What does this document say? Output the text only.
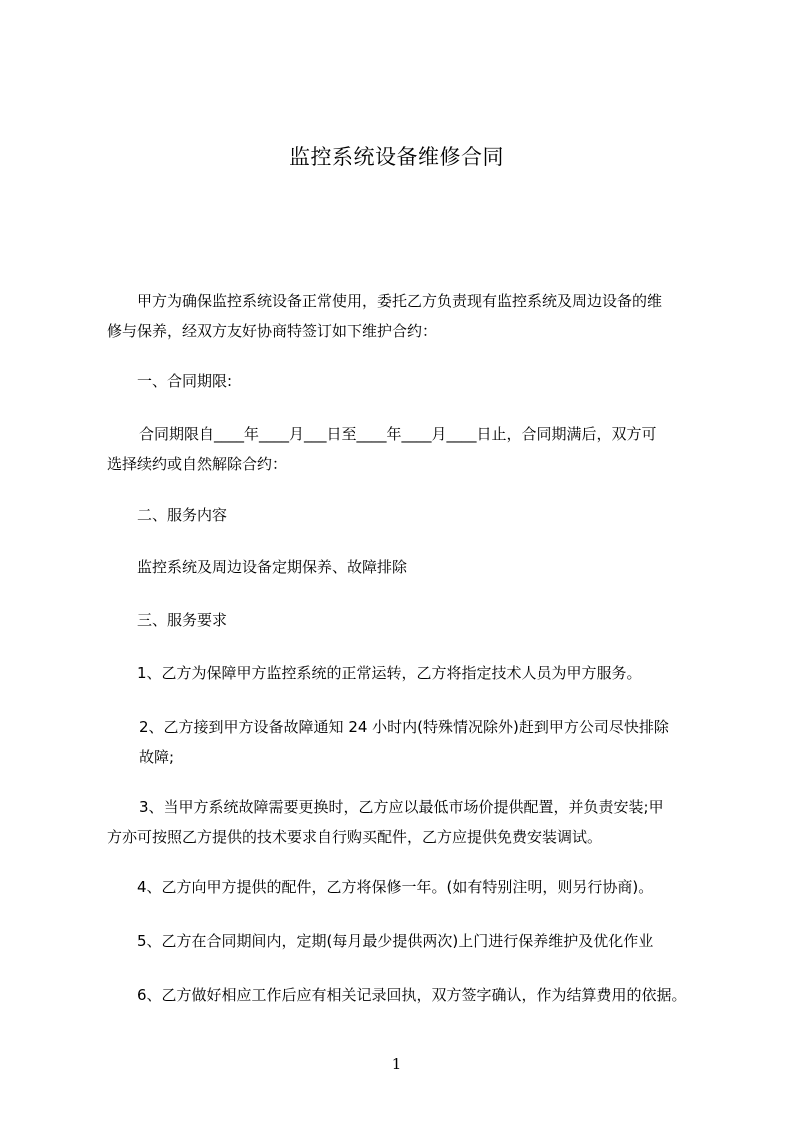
监控系统设备维修合同

甲方为确保监控系统设备正常使用，委托乙方负责现有监控系统及周边设备的维
修与保养，经双方友好协商特签订如下维护合约：

一、合同期限:

合同期限自____年____月___日至____年____月____日止，合同期满后，双方可
选择续约或自然解除合约：

二、服务内容

监控系统及周边设备定期保养、故障排除

三、服务要求

1、乙方为保障甲方监控系统的正常运转，乙方将指定技术人员为甲方服务。

2、乙方接到甲方设备故障通知 24 小时内(特殊情况除外)赶到甲方公司尽快排除
故障;

3、当甲方系统故障需要更换时，乙方应以最低市场价提供配置，并负责安装;甲
方亦可按照乙方提供的技术要求自行购买配件，乙方应提供免费安装调试。

4、乙方向甲方提供的配件，乙方将保修一年。(如有特别注明，则另行协商)。

5、乙方在合同期间内，定期(每月最少提供两次)上门进行保养维护及优化作业

6、乙方做好相应工作后应有相关记录回执，双方签字确认，作为结算费用的依据。

1
